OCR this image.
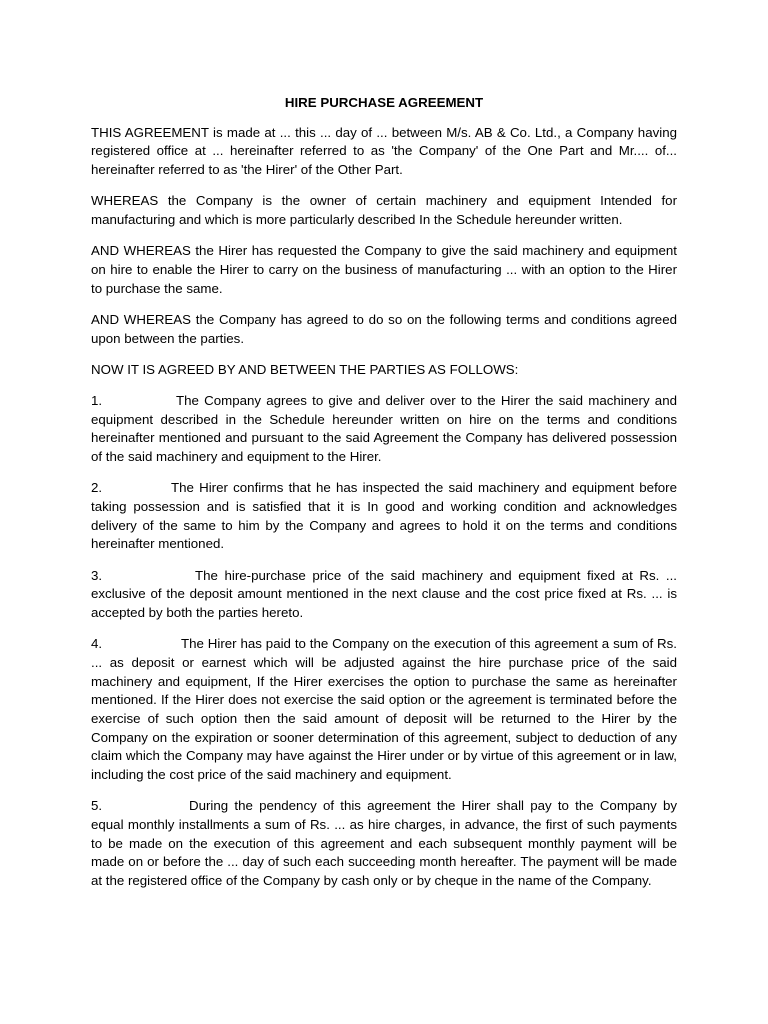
HIRE PURCHASE AGREEMENT

THIS AGREEMENT is made at ... this ... day of ... between M/s. AB & Co. Ltd., a Company having registered office at ... hereinafter referred to as 'the Company' of the One Part and Mr.... of... hereinafter referred to as 'the Hirer' of the Other Part.

WHEREAS the Company is the owner of certain machinery and equipment Intended for manufacturing and which is more particularly described In the Schedule hereunder written.

AND WHEREAS the Hirer has requested the Company to give the said machinery and equipment on hire to enable the Hirer to carry on the business of manufacturing ... with an option to the Hirer to purchase the same.

AND WHEREAS the Company has agreed to do so on the following terms and conditions agreed upon between the parties.

NOW IT IS AGREED BY AND BETWEEN THE PARTIES AS FOLLOWS:

1.	The Company agrees to give and deliver over to the Hirer the said machinery and equipment described in the Schedule hereunder written on hire on the terms and conditions hereinafter mentioned and pursuant to the said Agreement the Company has delivered possession of the said machinery and equipment to the Hirer.

2.	The Hirer confirms that he has inspected the said machinery and equipment before taking possession and is satisfied that it is In good and working condition and acknowledges delivery of the same to him by the Company and agrees to hold it on the terms and conditions hereinafter mentioned.

3.	The hire-purchase price of the said machinery and equipment fixed at Rs. ... exclusive of the deposit amount mentioned in the next clause and the cost price fixed at Rs. ... is accepted by both the parties hereto.

4.	The Hirer has paid to the Company on the execution of this agreement a sum of Rs. ... as deposit or earnest which will be adjusted against the hire purchase price of the said machinery and equipment, If the Hirer exercises the option to purchase the same as hereinafter mentioned. If the Hirer does not exercise the said option or the agreement is terminated before the exercise of such option then the said amount of deposit will be returned to the Hirer by the Company on the expiration or sooner determination of this agreement, subject to deduction of any claim which the Company may have against the Hirer under or by virtue of this agreement or in law, including the cost price of the said machinery and equipment.

5.	During the pendency of this agreement the Hirer shall pay to the Company by equal monthly installments a sum of Rs. ... as hire charges, in advance, the first of such payments to be made on the execution of this agreement and each subsequent monthly payment will be made on or before the ... day of such each succeeding month hereafter. The payment will be made at the registered office of the Company by cash only or by cheque in the name of the Company.
